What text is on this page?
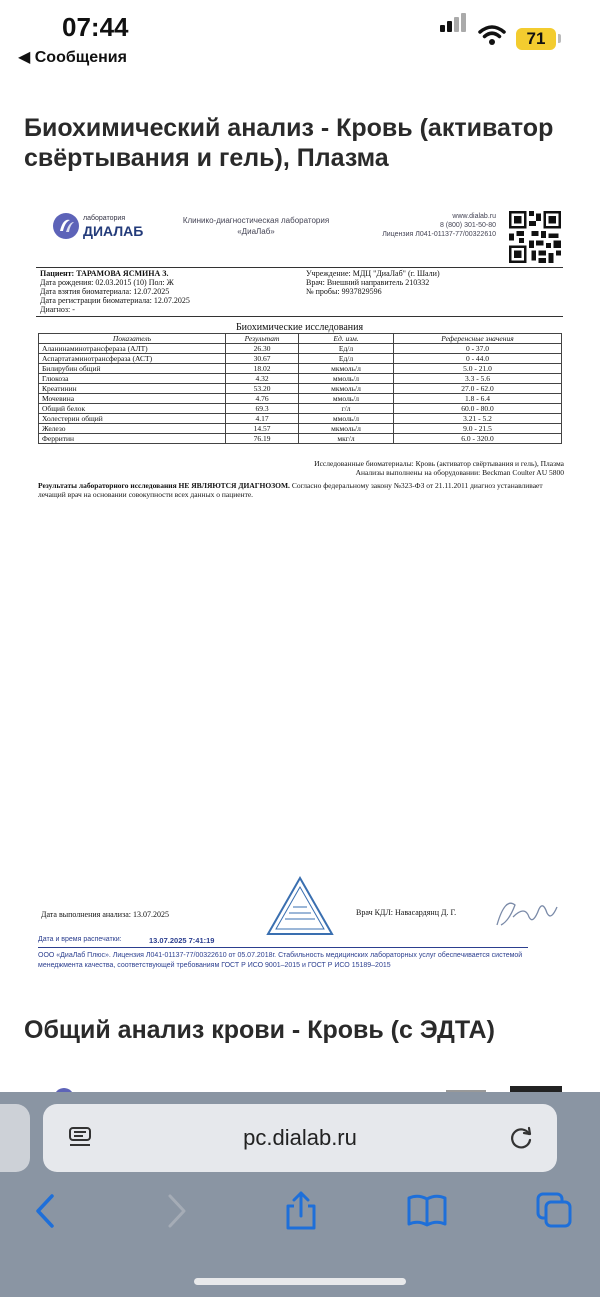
07:44
◀ Сообщения
71
Биохимический анализ - Кровь (активатор свёртывания и гель), Плазма
лаборатория
ДИАЛАБ
Клинико-диагностическая лаборатория
«ДиаЛаб»
www.dialab.ru
8 (800) 301-50-80
Лицензия Л041-01137-77/00322610
Пациент: ТАРАМОВА ЯСМИНА З.
Дата рождения: 02.03.2015 (10) Пол: Ж
Дата взятия биоматериала: 12.07.2025
Дата регистрации биоматериала: 12.07.2025
Диагноз: -
Учреждение: МДЦ "ДиаЛаб" (г. Шали)
Врач: Внешний направитель 210332
№ пробы: 9937829596
Биохимические исследования
Показатель	Результат	Ед. изм.	Референсные значения
Аланинаминотрансфераза (АЛТ)	26.30	Ед/л	0 - 37.0
Аспартатаминотрансфераза (АСТ)	30.67	Ед/л	0 - 44.0
Билирубин общий	18.02	мкмоль/л	5.0 - 21.0
Глюкоза	4.32	ммоль/л	3.3 - 5.6
Креатинин	53.20	мкмоль/л	27.0 - 62.0
Мочевина	4.76	ммоль/л	1.8 - 6.4
Общий белок	69.3	г/л	60.0 - 80.0
Холестерин общий	4.17	ммоль/л	3.21 - 5.2
Железо	14.57	мкмоль/л	9.0 - 21.5
Ферритин	76.19	мкг/л	6.0 - 320.0
Исследованные биоматериалы: Кровь (активатор свёртывания и гель), Плазма
Анализы выполнены на оборудовании: Beckman Coulter AU 5800
Результаты лабораторного исследования НЕ ЯВЛЯЮТСЯ ДИАГНОЗОМ. Согласно федеральному закону №323-ФЗ от 21.11.2011 диагноз устанавливает лечащий врач на основании совокупности всех данных о пациенте.
Дата выполнения анализа: 13.07.2025	Врач КДЛ: Навасардянц Д. Г.
Дата и время распечатки:	13.07.2025 7:41:19
ООО «ДиаЛаб Плюс». Лицензия Л041-01137-77/00322610 от 05.07.2018г. Стабильность медицинских лабораторных услуг обеспечивается системой менеджмента качества, соответствующей требованиям ГОСТ Р ИСО 9001–2015 и ГОСТ Р ИСО 15189–2015
Общий анализ крови - Кровь (с ЭДТА)
pc.dialab.ru
